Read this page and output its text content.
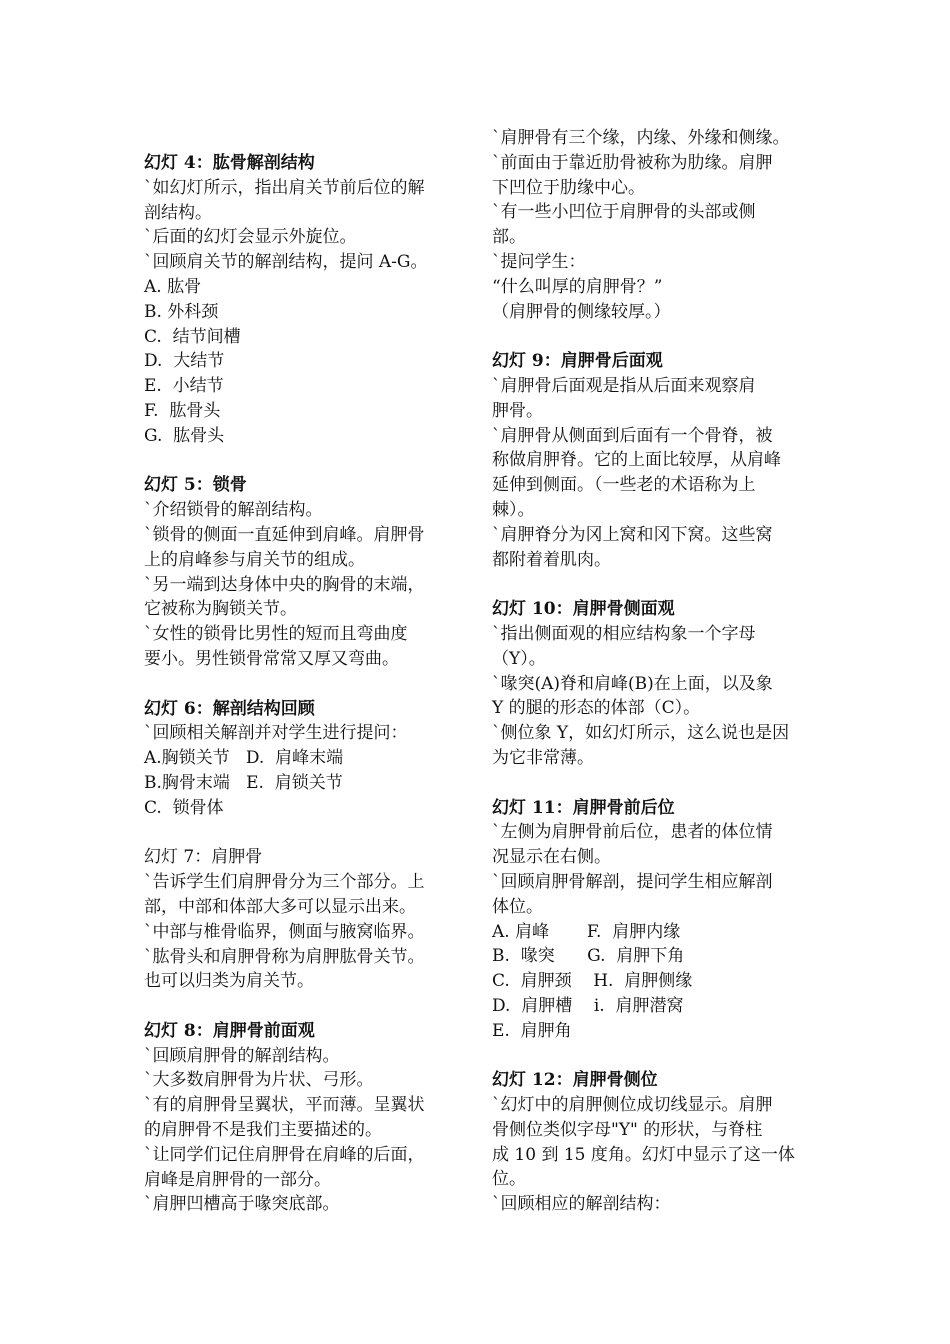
幻灯 4：肱骨解剖结构
`如幻灯所示，指出肩关节前后位的解
剖结构。
`后面的幻灯会显示外旋位。
`回顾肩关节的解剖结构，提问 A-G。
A. 肱骨
B. 外科颈
C.  结节间槽
D.  大结节
E.  小结节
F.  肱骨头
G.  肱骨头
幻灯 5：锁骨
`介绍锁骨的解剖结构。
`锁骨的侧面一直延伸到肩峰。肩胛骨
上的肩峰参与肩关节的组成。
`另一端到达身体中央的胸骨的末端，
它被称为胸锁关节。
`女性的锁骨比男性的短而且弯曲度
要小。男性锁骨常常又厚又弯曲。
幻灯 6：解剖结构回顾
`回顾相关解剖并对学生进行提问：
A.胸锁关节   D.  肩峰末端
B.胸骨末端   E.  肩锁关节
C.  锁骨体
幻灯 7：肩胛骨
`告诉学生们肩胛骨分为三个部分。上
部，中部和体部大多可以显示出来。
`中部与椎骨临界，侧面与腋窝临界。
`肱骨头和肩胛骨称为肩胛肱骨关节。
也可以归类为肩关节。
幻灯 8：肩胛骨前面观
`回顾肩胛骨的解剖结构。
`大多数肩胛骨为片状、弓形。
`有的肩胛骨呈翼状，平而薄。呈翼状
的肩胛骨不是我们主要描述的。
`让同学们记住肩胛骨在肩峰的后面，
肩峰是肩胛骨的一部分。
`肩胛凹槽高于喙突底部。
`肩胛骨有三个缘，内缘、外缘和侧缘。
`前面由于靠近肋骨被称为肋缘。肩胛
下凹位于肋缘中心。
`有一些小凹位于肩胛骨的头部或侧
部。
`提问学生：
“什么叫厚的肩胛骨？”
（肩胛骨的侧缘较厚。）
幻灯 9：肩胛骨后面观
`肩胛骨后面观是指从后面来观察肩
胛骨。
`肩胛骨从侧面到后面有一个骨脊，被
称做肩胛脊。它的上面比较厚，从肩峰
延伸到侧面。（一些老的术语称为上
棘）。
`肩胛脊分为冈上窝和冈下窝。这些窝
都附着着肌肉。
幻灯 10：肩胛骨侧面观
`指出侧面观的相应结构象一个字母
（Y）。
`喙突(A)脊和肩峰(B)在上面，以及象
Y 的腿的形态的体部（C）。
`侧位象 Y，如幻灯所示，这么说也是因
为它非常薄。
幻灯 11：肩胛骨前后位
`左侧为肩胛骨前后位，患者的体位情
况显示在右侧。
`回顾肩胛骨解剖，提问学生相应解剖
体位。
A. 肩峰       F.  肩胛内缘
B.  喙突      G.  肩胛下角
C.  肩胛颈    H.  肩胛侧缘
D.  肩胛槽    i.  肩胛潜窝
E.  肩胛角
幻灯 12：肩胛骨侧位
`幻灯中的肩胛侧位成切线显示。肩胛
骨侧位类似字母"Y" 的形状，与脊柱
成 10 到 15 度角。幻灯中显示了这一体
位。
`回顾相应的解剖结构：
